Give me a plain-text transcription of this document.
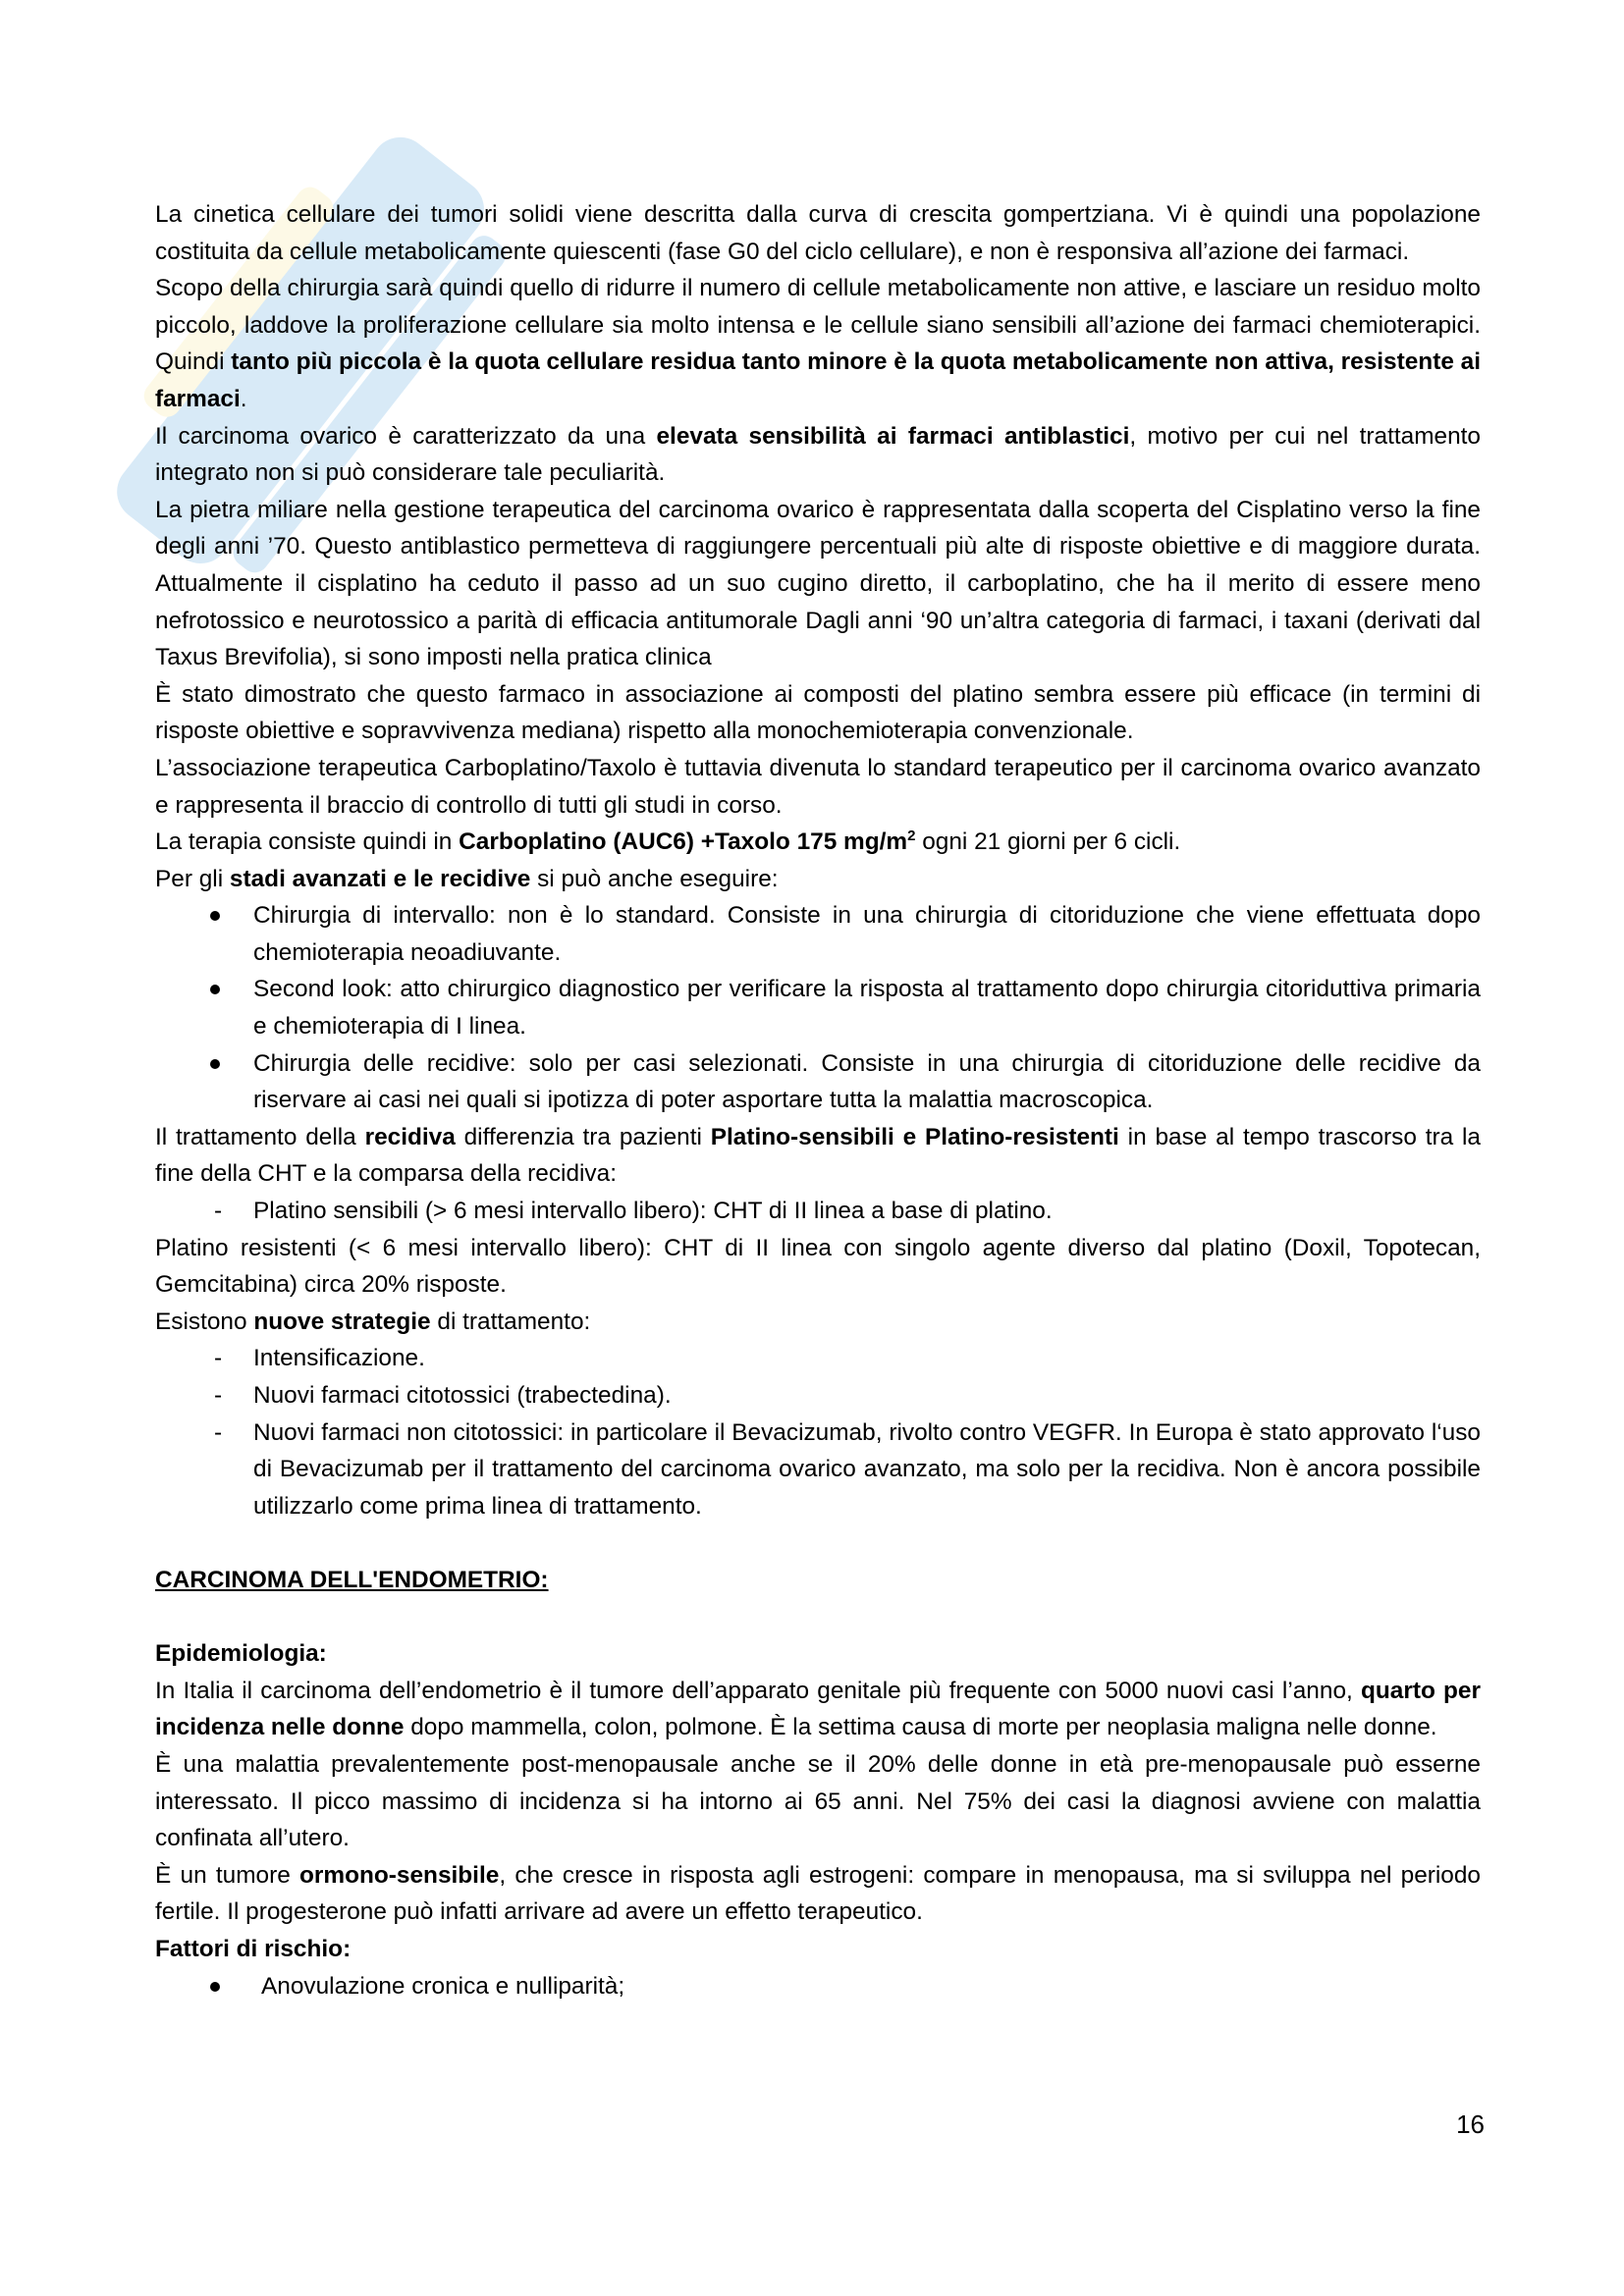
La cinetica cellulare dei tumori solidi viene descritta dalla curva di crescita gompertziana. Vi è quindi una popolazione costituita da cellule metabolicamente quiescenti (fase G0 del ciclo cellulare), e non è responsiva all’azione dei farmaci.

Scopo della chirurgia sarà quindi quello di ridurre il numero di cellule metabolicamente non attive, e lasciare un residuo molto piccolo, laddove la proliferazione cellulare sia molto intensa e le cellule siano sensibili all’azione dei farmaci chemioterapici. Quindi tanto più piccola è la quota cellulare residua tanto minore è la quota metabolicamente non attiva, resistente ai farmaci.

Il carcinoma ovarico è caratterizzato da una elevata sensibilità ai farmaci antiblastici, motivo per cui nel trattamento integrato non si può considerare tale peculiarità.

La pietra miliare nella gestione terapeutica del carcinoma ovarico è rappresentata dalla scoperta del Cisplatino verso la fine degli anni ’70. Questo antiblastico permetteva di raggiungere percentuali più alte di risposte obiettive e di maggiore durata. Attualmente il cisplatino ha ceduto il passo ad un suo cugino diretto, il carboplatino, che ha il merito di essere meno nefrotossico e neurotossico a parità di efficacia antitumorale Dagli anni ‘90 un’altra categoria di farmaci, i taxani (derivati dal Taxus Brevifolia), si sono imposti nella pratica clinica

È stato dimostrato che questo farmaco in associazione ai composti del platino sembra essere più efficace (in termini di risposte obiettive e sopravvivenza mediana) rispetto alla monochemioterapia convenzionale.

L’associazione terapeutica Carboplatino/Taxolo è tuttavia divenuta lo standard terapeutico per il carcinoma ovarico avanzato e rappresenta il braccio di controllo di tutti gli studi in corso.

La terapia consiste quindi in Carboplatino (AUC6) +Taxolo 175 $mg/m^2$ ogni 21 giorni per 6 cicli.

Per gli stadi avanzati e le recidive si può anche eseguire:

Chirurgia di intervallo: non è lo standard. Consiste in una chirurgia di citoriduzione che viene effettuata dopo chemioterapia neoadiuvante.
Second look: atto chirurgico diagnostico per verificare la risposta al trattamento dopo chirurgia citoriduttiva primaria e chemioterapia di I linea.
Chirurgia delle recidive: solo per casi selezionati. Consiste in una chirurgia di citoriduzione delle recidive da riservare ai casi nei quali si ipotizza di poter asportare tutta la malattia macroscopica.

Il trattamento della recidiva differenzia tra pazienti Platino-sensibili e Platino-resistenti in base al tempo trascorso tra la fine della CHT e la comparsa della recidiva:

-	Platino sensibili (> 6 mesi intervallo libero): CHT di II linea a base di platino.

Platino resistenti (< 6 mesi intervallo libero): CHT di II linea con singolo agente diverso dal platino (Doxil, Topotecan, Gemcitabina) circa 20% risposte.

Esistono nuove strategie di trattamento:

-	Intensificazione.
-	Nuovi farmaci citotossici (trabectedina).
-	Nuovi farmaci non citotossici: in particolare il Bevacizumab, rivolto contro VEGFR. In Europa è stato approvato l‘uso di Bevacizumab per il trattamento del carcinoma ovarico avanzato, ma solo per la recidiva. Non è ancora possibile utilizzarlo come prima linea di trattamento.

CARCINOMA DELL'ENDOMETRIO:

Epidemiologia:

In Italia il carcinoma dell’endometrio è il tumore dell’apparato genitale più frequente con 5000 nuovi casi l’anno, quarto per incidenza nelle donne dopo mammella, colon, polmone. È la settima causa di morte per neoplasia maligna nelle donne.

È una malattia prevalentemente post-menopausale anche se il 20% delle donne in età pre-menopausale può esserne interessato. Il picco massimo di incidenza si ha intorno ai 65 anni. Nel 75% dei casi la diagnosi avviene con malattia confinata all’utero.

È un tumore ormono-sensibile, che cresce in risposta agli estrogeni: compare in menopausa, ma si sviluppa nel periodo fertile. Il progesterone può infatti arrivare ad avere un effetto terapeutico.

Fattori di rischio:

Anovulazione cronica e nulliparità;
16
